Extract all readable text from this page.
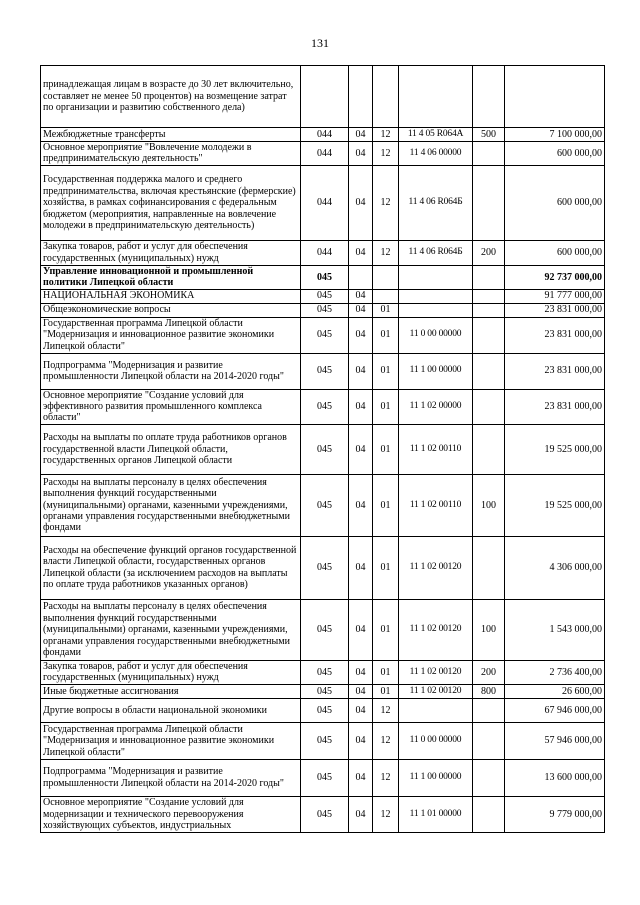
131
принадлежащая лицам в возрасте до 30 лет включительно, составляет не менее 50 процентов) на возмещение затрат по организации и развитию собственного дела)						
Межбюджетные трансферты	044	04	12	11 4 05 R064A	500	7 100 000,00
Основное мероприятие "Вовлечение молодежи в предпринимательскую деятельность"	044	04	12	11 4 06 00000		600 000,00
Государственная поддержка малого и среднего предпринимательства, включая крестьянские (фермерские) хозяйства, в рамках софинансирования с федеральным бюджетом (мероприятия, направленные на вовлечение молодежи в предпринимательскую деятельность)	044	04	12	11 4 06 R064Б		600 000,00
Закупка товаров, работ и услуг для обеспечения государственных (муниципальных) нужд	044	04	12	11 4 06 R064Б	200	600 000,00
Управление инновационной и промышленной политики Липецкой области	045					92 737 000,00
НАЦИОНАЛЬНАЯ ЭКОНОМИКА	045	04				91 777 000,00
Общеэкономические вопросы	045	04	01			23 831 000,00
Государственная программа Липецкой области "Модернизация и инновационное развитие экономики Липецкой области"	045	04	01	11 0 00 00000		23 831 000,00
Подпрограмма "Модернизация и развитие промышленности Липецкой области на 2014-2020 годы"	045	04	01	11 1 00 00000		23 831 000,00
Основное мероприятие "Создание условий для эффективного развития промышленного комплекса области"	045	04	01	11 1 02 00000		23 831 000,00
Расходы на выплаты по оплате труда работников органов государственной власти Липецкой области, государственных органов Липецкой области	045	04	01	11 1 02 00110		19 525 000,00
Расходы на выплаты персоналу в целях обеспечения выполнения функций государственными (муниципальными) органами, казенными учреждениями, органами управления государственными внебюджетными фондами	045	04	01	11 1 02 00110	100	19 525 000,00
Расходы на обеспечение функций органов государственной власти Липецкой области, государственных органов Липецкой области (за исключением расходов на выплаты по оплате труда работников указанных органов)	045	04	01	11 1 02 00120		4 306 000,00
Расходы на выплаты персоналу в целях обеспечения выполнения функций государственными (муниципальными) органами, казенными учреждениями, органами управления государственными внебюджетными фондами	045	04	01	11 1 02 00120	100	1 543 000,00
Закупка товаров, работ и услуг для обеспечения государственных (муниципальных) нужд	045	04	01	11 1 02 00120	200	2 736 400,00
Иные бюджетные ассигнования	045	04	01	11 1 02 00120	800	26 600,00
Другие вопросы в области национальной экономики	045	04	12			67 946 000,00
Государственная программа Липецкой области "Модернизация и инновационное развитие экономики Липецкой области"	045	04	12	11 0 00 00000		57 946 000,00
Подпрограмма "Модернизация и развитие промышленности Липецкой области на 2014-2020 годы"	045	04	12	11 1 00 00000		13 600 000,00
Основное мероприятие "Создание условий для модернизации и технического перевооружения хозяйствующих субъектов, индустриальных	045	04	12	11 1 01 00000		9 779 000,00
